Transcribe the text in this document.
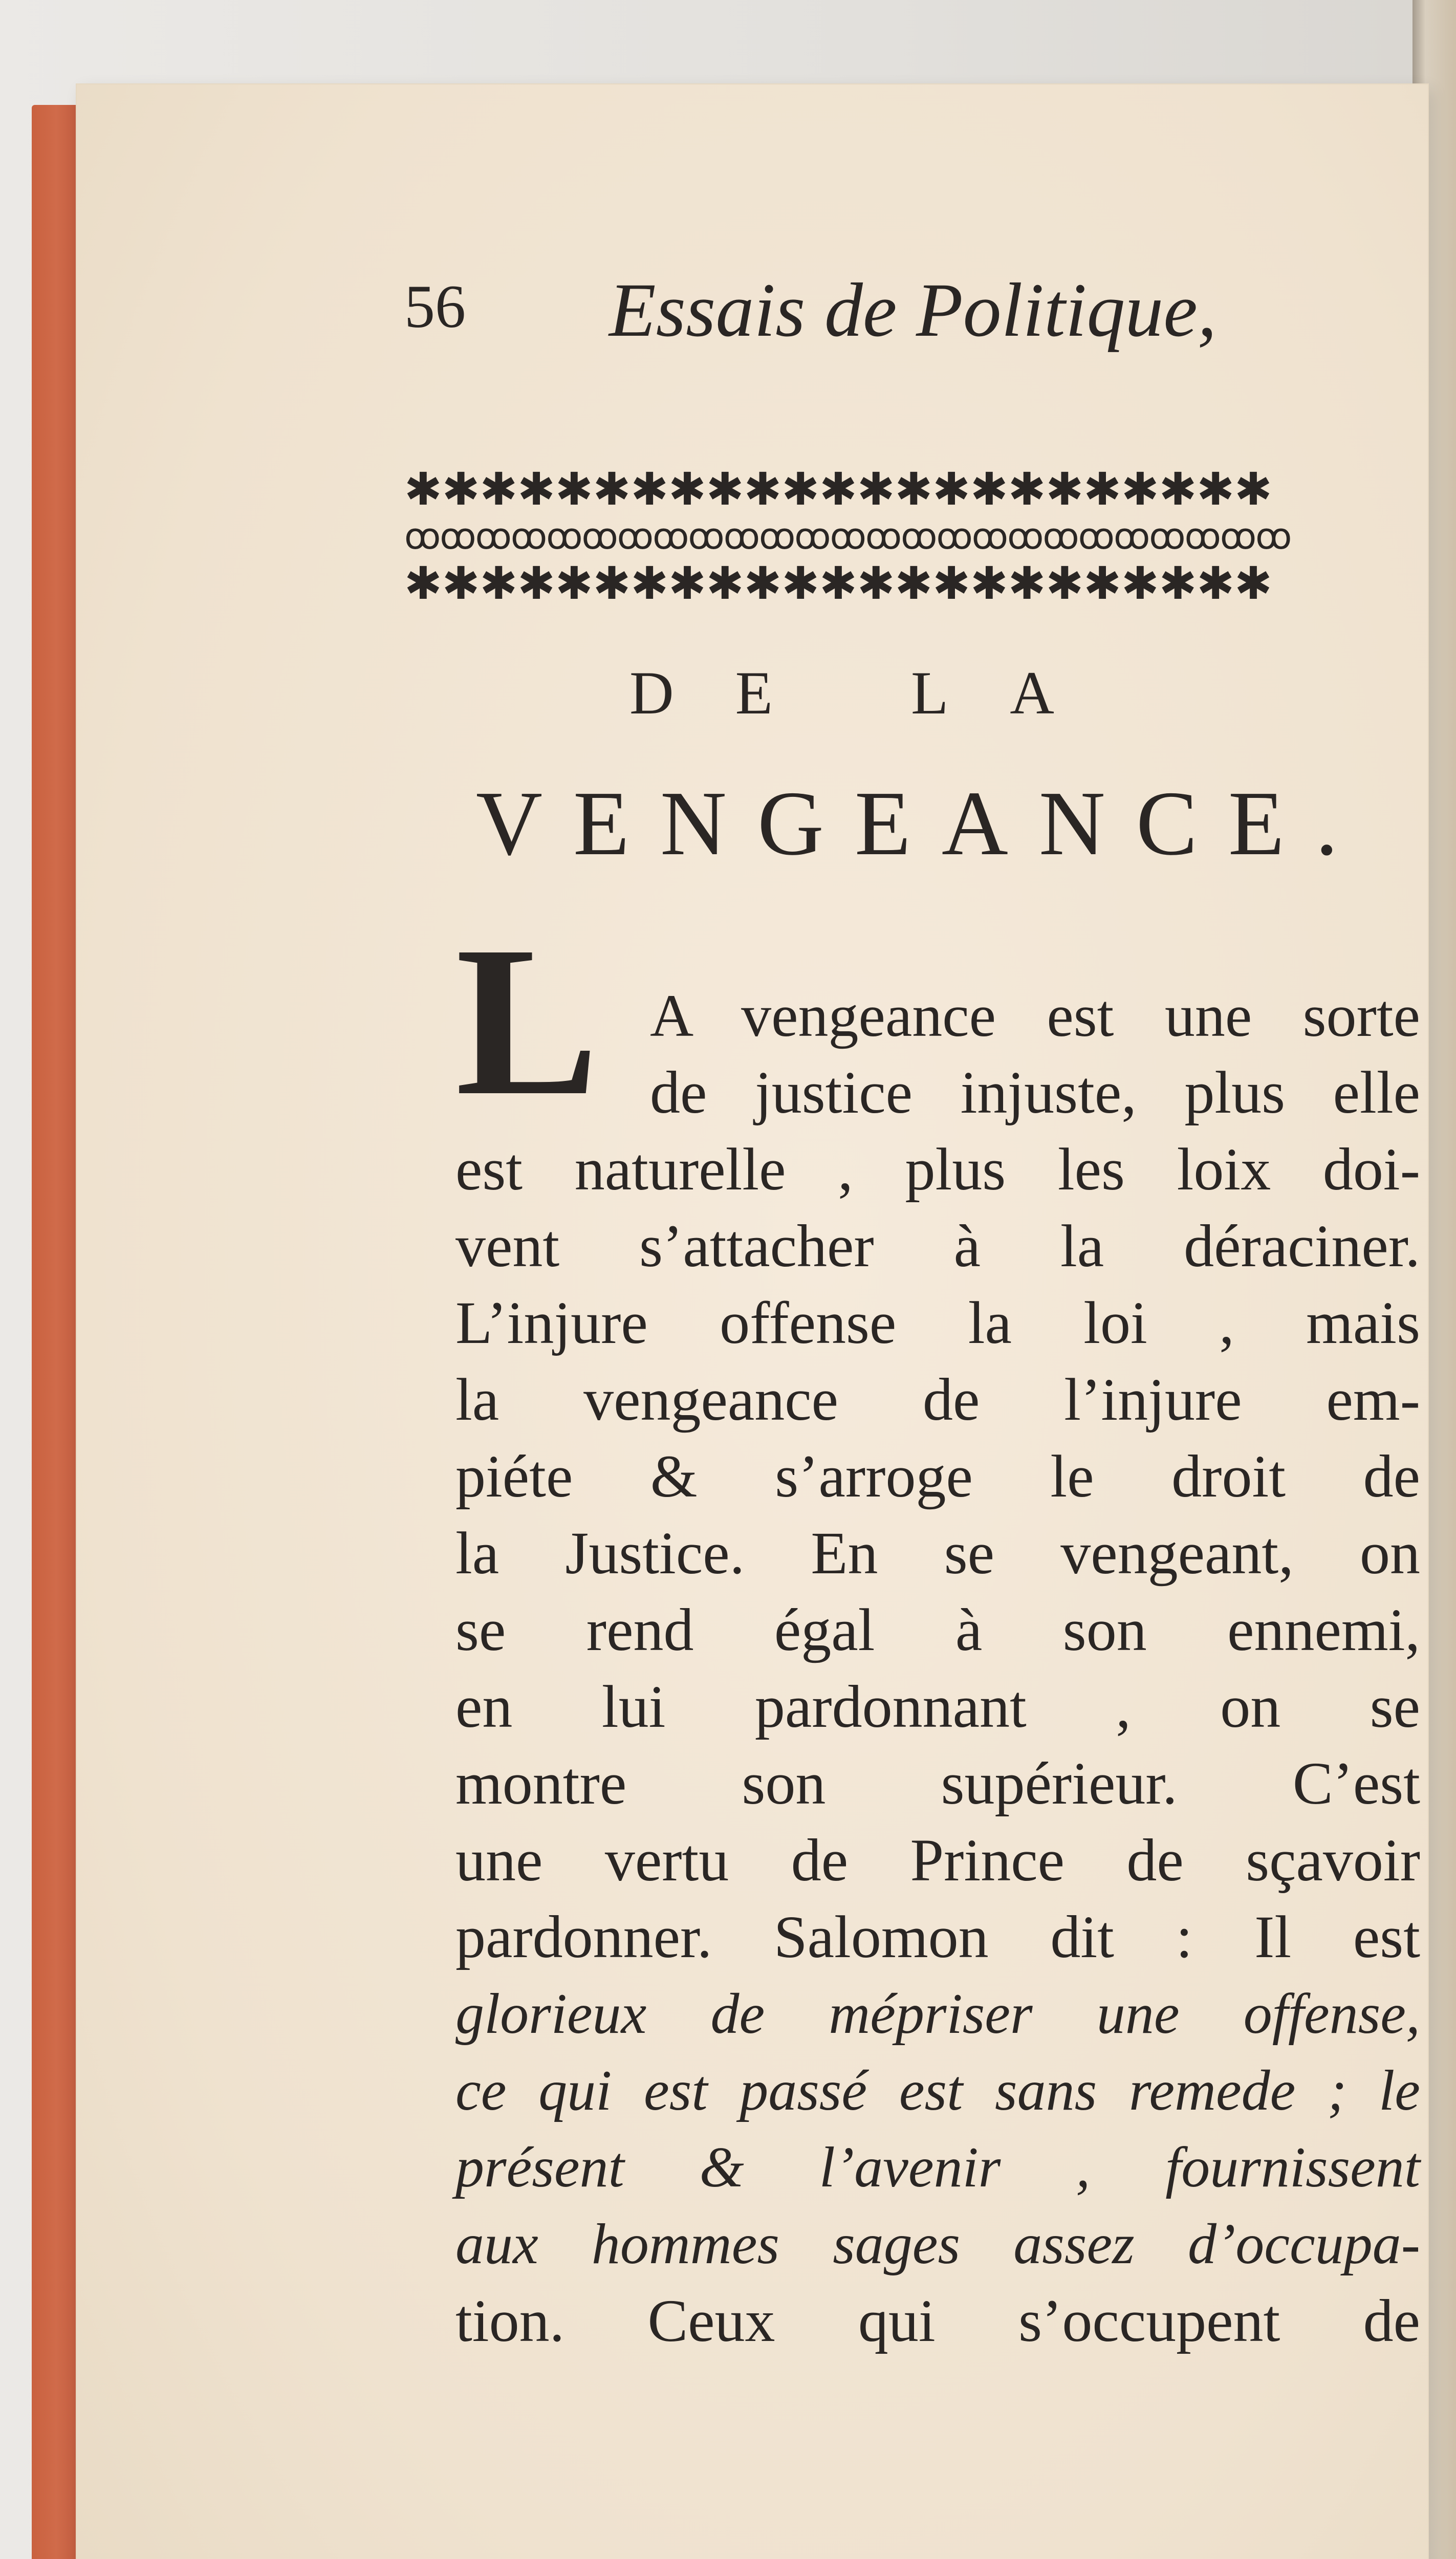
56 Essais de Politique,
✱✱✱✱✱✱✱✱✱✱✱✱✱✱✱✱✱✱✱✱✱✱✱
ꝏꝏꝏꝏꝏꝏꝏꝏꝏꝏꝏꝏꝏꝏꝏꝏꝏꝏꝏꝏꝏꝏꝏꝏꝏ
✱✱✱✱✱✱✱✱✱✱✱✱✱✱✱✱✱✱✱✱✱✱✱
DE LA
VENGEANCE.
L A vengeance est une sorte
de justice injuste, plus elle
est naturelle , plus les loix doi-
vent s’attacher à la déraciner.
L’injure offense la loi , mais
la vengeance de l’injure em-
piéte & s’arroge le droit de
la Justice. En se vengeant, on
se rend égal à son ennemi,
en lui pardonnant , on se
montre son supérieur. C’est
une vertu de Prince de sçavoir
pardonner. Salomon dit : Il est
glorieux de mépriser une offense,
ce qui est passé est sans remede ; le
présent & l’avenir , fournissent
aux hommes sages assez d’occupa-
tion. Ceux qui s’occupent de
